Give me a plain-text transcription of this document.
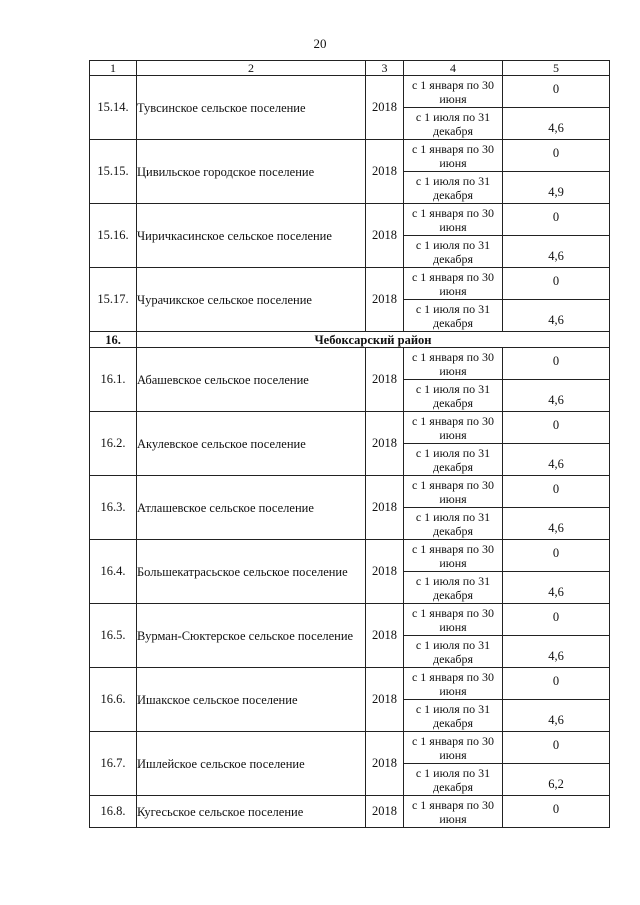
20
1	2	3	4	5
15.14.	Тувсинское сельское поселение	2018	с 1 января по 30 июня	0
			с 1 июля по 31 декабря	4,6
15.15.	Цивильское городское поселение	2018	с 1 января по 30 июня	0
			с 1 июля по 31 декабря	4,9
15.16.	Чиричкасинское сельское поселение	2018	с 1 января по 30 июня	0
			с 1 июля по 31 декабря	4,6
15.17.	Чурачикское сельское поселение	2018	с 1 января по 30 июня	0
			с 1 июля по 31 декабря	4,6
16.	Чебоксарский район			
16.1.	Абашевское сельское поселение	2018	с 1 января по 30 июня	0
			с 1 июля по 31 декабря	4,6
16.2.	Акулевское сельское поселение	2018	с 1 января по 30 июня	0
			с 1 июля по 31 декабря	4,6
16.3.	Атлашевское сельское поселение	2018	с 1 января по 30 июня	0
			с 1 июля по 31 декабря	4,6
16.4.	Большекатрасьское сельское поселение	2018	с 1 января по 30 июня	0
			с 1 июля по 31 декабря	4,6
16.5.	Вурман-Сюктерское сельское поселение	2018	с 1 января по 30 июня	0
			с 1 июля по 31 декабря	4,6
16.6.	Ишакское сельское поселение	2018	с 1 января по 30 июня	0
			с 1 июля по 31 декабря	4,6
16.7.	Ишлейское сельское поселение	2018	с 1 января по 30 июня	0
			с 1 июля по 31 декабря	6,2
16.8.	Кугесьское сельское поселение	2018	с 1 января по 30 июня	0
